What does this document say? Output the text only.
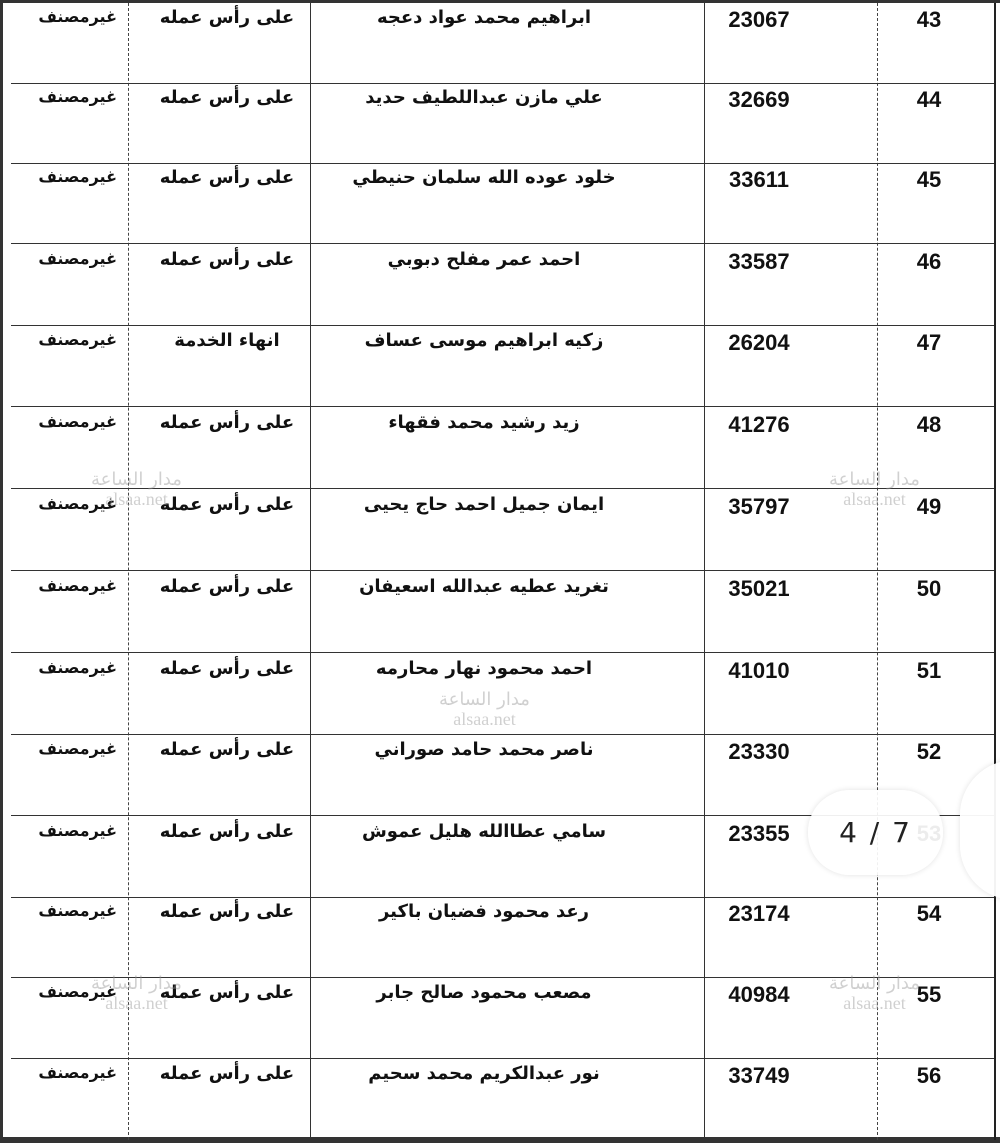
43
23067
ابراهيم محمد عواد دعجه
على رأس عمله
غيرمصنف
44
32669
علي مازن عبداللطيف حديد
على رأس عمله
غيرمصنف
45
33611
خلود عوده الله سلمان حنيطي
على رأس عمله
غيرمصنف
46
33587
احمد عمر مفلح دبوبي
على رأس عمله
غيرمصنف
47
26204
زكيه ابراهيم موسى عساف
انهاء الخدمة
غيرمصنف
48
41276
زيد رشيد محمد فقهاء
على رأس عمله
غيرمصنف
49
35797
ايمان جميل احمد حاج يحيى
على رأس عمله
غيرمصنف
50
35021
تغريد عطيه عبدالله اسعيفان
على رأس عمله
غيرمصنف
51
41010
احمد محمود نهار محارمه
على رأس عمله
غيرمصنف
52
23330
ناصر محمد حامد صوراني
على رأس عمله
غيرمصنف
23355
سامي عطاالله هليل عموش
على رأس عمله
غيرمصنف
54
23174
رعد محمود فضيان باكير
على رأس عمله
غيرمصنف
55
40984
مصعب محمود صالح جابر
على رأس عمله
غيرمصنف
56
33749
نور عبدالكريم محمد سحيم
على رأس عمله
غيرمصنف
مدار الساعة
alsaa.net
مدار الساعة
alsaa.net
مدار الساعة
alsaa.net
مدار الساعة
alsaa.net
مدار الساعة
alsaa.net
4 / 7
